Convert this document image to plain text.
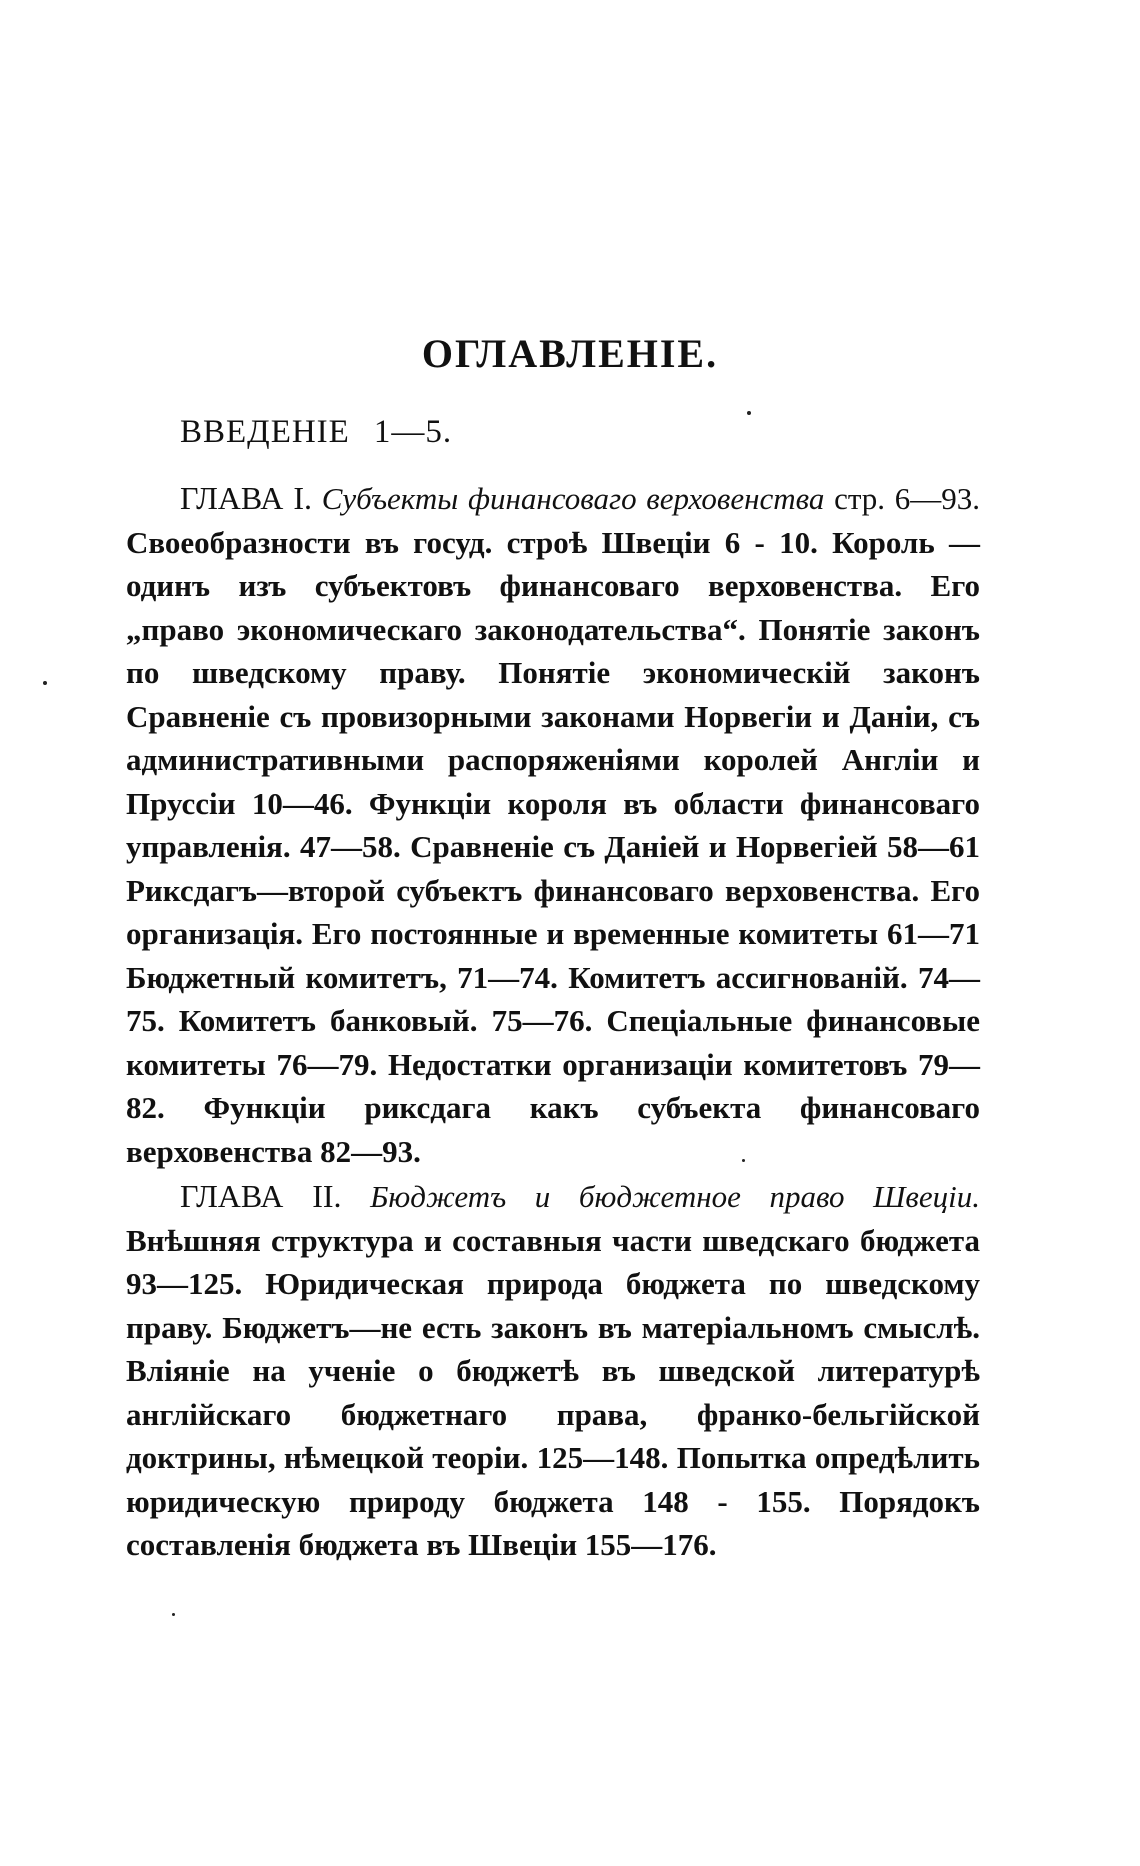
ОГЛАВЛЕНІЕ.
ВВЕДЕНІЕ 1—5.

ГЛАВА I. Субъекты финансоваго верховенства стр. 6—93. Своеобразности въ госуд. строѣ Швеціи 6 - 10. Король —одинъ изъ субъектовъ финансоваго верховенства. Его „право экономическаго законодательства“. Понятіе законъ по шведскому праву. Понятіе экономическій законъ Сравненіе съ провизорными законами Норвегіи и Даніи, съ административными распоряженіями королей Англіи и Пруссіи 10—46. Функціи короля въ области финансоваго управленія. 47—58. Сравненіе съ Даніей и Норвегіей 58—61 Риксдагъ—второй субъектъ финансоваго верховенства. Его организація. Его постоянные и временные комитеты 61—71 Бюджетный комитетъ, 71—74. Комитетъ ассигнованій. 74—75. Комитетъ банковый. 75—76. Спеціальные финансовые комитеты 76—79. Недостатки организаціи комитетовъ 79—82. Функціи риксдага какъ субъекта финансоваго верховенства 82—93.

ГЛАВА II. Бюджетъ и бюджетное право Швеціи. Внѣшняя структура и составныя части шведскаго бюджета 93—125. Юридическая природа бюджета по шведскому праву. Бюджетъ—не есть законъ въ матеріальномъ смыслѣ. Вліяніе на ученіе о бюджетѣ въ шведской литературѣ англійскаго бюджетнаго права, франко-бельгійской доктрины, нѣмецкой теоріи. 125—148. Попытка опредѣлить юридическую природу бюджета 148 - 155. Порядокъ составленія бюджета въ Швеціи 155—176.
